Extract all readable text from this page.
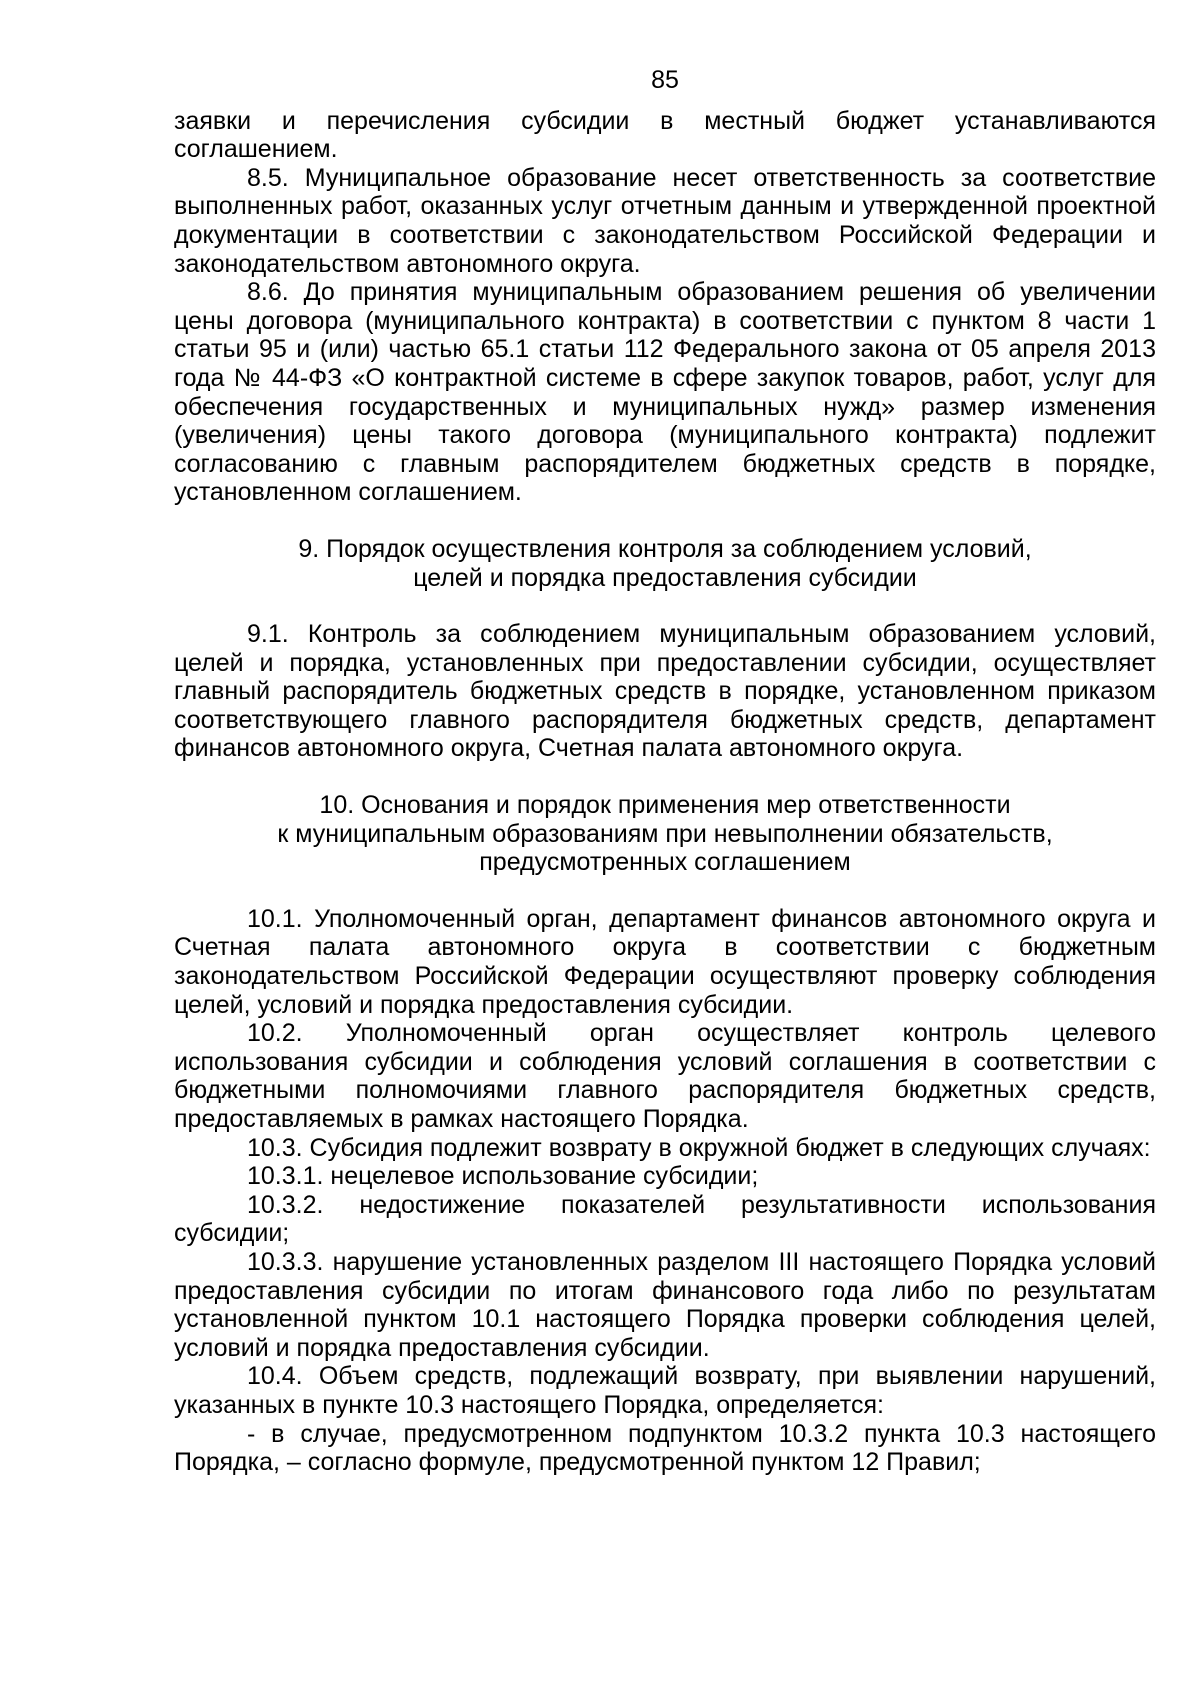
85

заявки и перечисления субсидии в местный бюджет устанавливаются соглашением.

8.5. Муниципальное образование несет ответственность за соответствие выполненных работ, оказанных услуг отчетным данным и утвержденной проектной документации в соответствии с законодательством Российской Федерации и законодательством автономного округа.

8.6. До принятия муниципальным образованием решения об увеличении цены договора (муниципального контракта) в соответствии с пунктом 8 части 1 статьи 95 и (или) частью 65.1 статьи 112 Федерального закона от 05 апреля 2013 года № 44-ФЗ «О контрактной системе в сфере закупок товаров, работ, услуг для обеспечения государственных и муниципальных нужд» размер изменения (увеличения) цены такого договора (муниципального контракта) подлежит согласованию с главным распорядителем бюджетных средств в порядке, установленном соглашением.

9. Порядок осуществления контроля за соблюдением условий,
целей и порядка предоставления субсидии

9.1. Контроль за соблюдением муниципальным образованием условий, целей и порядка, установленных при предоставлении субсидии, осуществляет главный распорядитель бюджетных средств в порядке, установленном приказом соответствующего главного распорядителя бюджетных средств, департамент финансов автономного округа, Счетная палата автономного округа.

10. Основания и порядок применения мер ответственности
к муниципальным образованиям при невыполнении обязательств,
предусмотренных соглашением

10.1. Уполномоченный орган, департамент финансов автономного округа и Счетная палата автономного округа в соответствии с бюджетным законодательством Российской Федерации осуществляют проверку соблюдения целей, условий и порядка предоставления субсидии.

10.2. Уполномоченный орган осуществляет контроль целевого использования субсидии и соблюдения условий соглашения в соответствии с бюджетными полномочиями главного распорядителя бюджетных средств, предоставляемых в рамках настоящего Порядка.

10.3. Субсидия подлежит возврату в окружной бюджет в следующих случаях:

10.3.1. нецелевое использование субсидии;

10.3.2. недостижение показателей результативности использования субсидии;

10.3.3. нарушение установленных разделом III настоящего Порядка условий предоставления субсидии по итогам финансового года либо по результатам установленной пунктом 10.1 настоящего Порядка проверки соблюдения целей, условий и порядка предоставления субсидии.

10.4. Объем средств, подлежащий возврату, при выявлении нарушений, указанных в пункте 10.3 настоящего Порядка, определяется:

- в случае, предусмотренном подпунктом 10.3.2 пункта 10.3 настоящего Порядка, – согласно формуле, предусмотренной пунктом 12 Правил;
